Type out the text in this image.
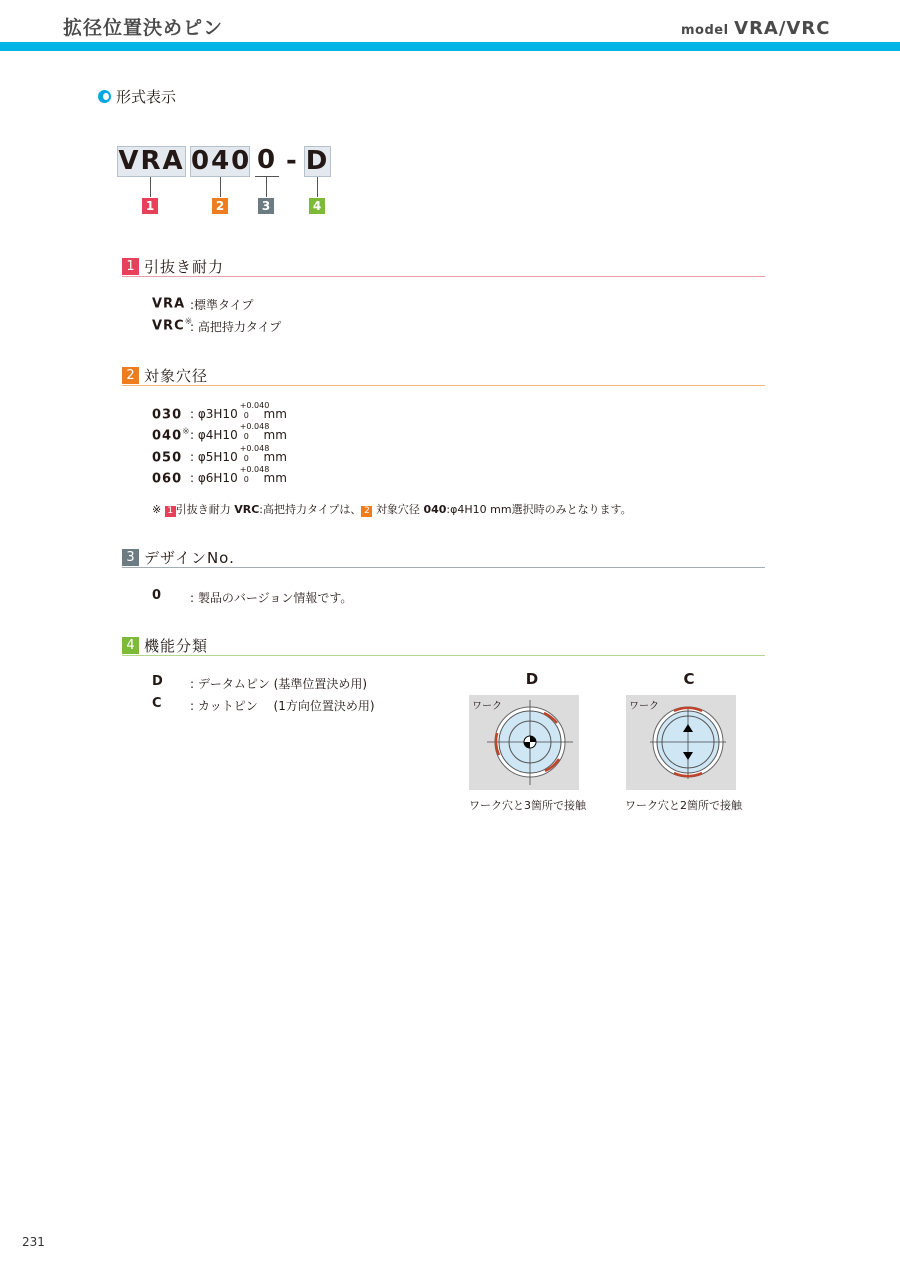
拡径位置決めピン	model VRA/VRC
形式表示
VRA 040 0 - D
1	2	3	4
1 引抜き耐力
VRA :標準タイプ
VRC※
: 高把持力タイプ
2 対象穴径
030 : φ3H10
+0.040
0 mm
040※ : φ4H10
+0.048
0 mm
050 : φ5H10
+0.048
0 mm
060 : φ6H10
+0.048
0 mm
※ 1 引抜き耐力 VRC:高把持力タイプは、 2 対象穴径 040:φ4H10 mm選択時のみとなります。
3 デザインNo.
0 : 製品のバージョン情報です。
4 機能分類
D : データムピン (基準位置決め用)
C : カットピン　 (1方向位置決め用)
D
ワーク
ワーク穴と3箇所で接触
C
ワーク
ワーク穴と2箇所で接触
231
